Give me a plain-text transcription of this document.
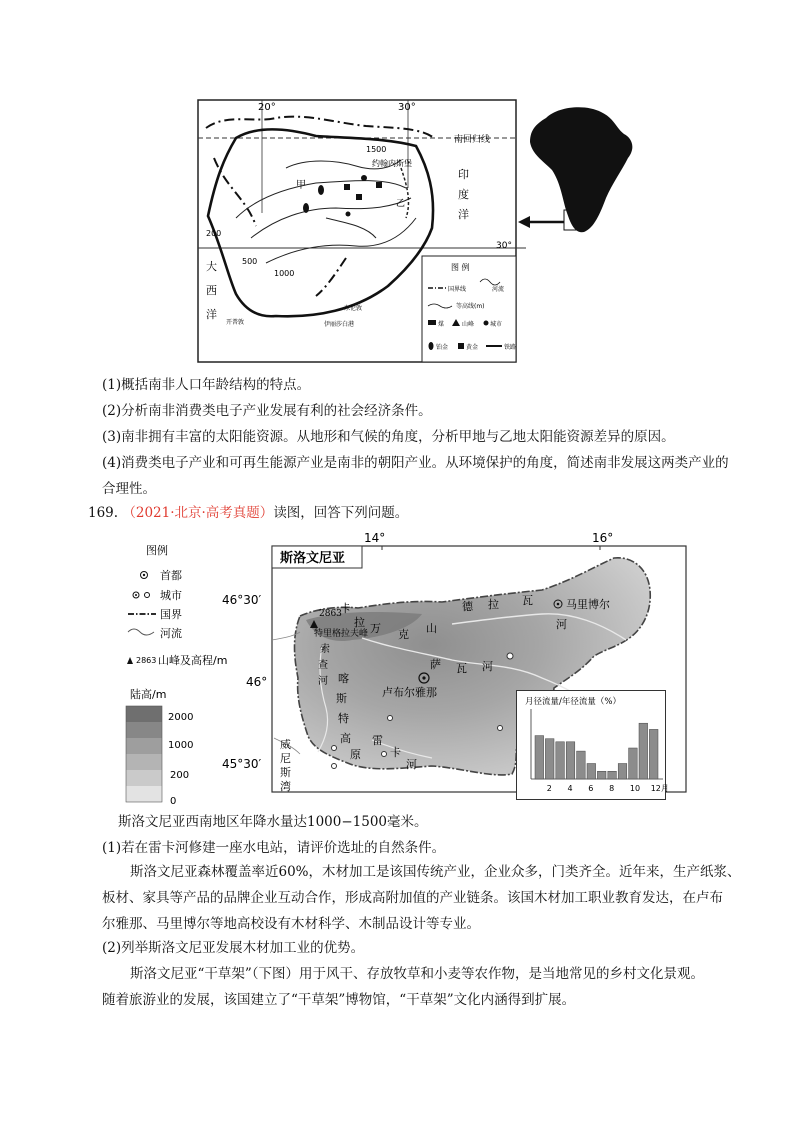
20°	30°
南回归线
30°
1500
1000
500
200
甲
约翰内斯堡
乙
开普敦	伊丽莎白港
东伦敦
印
度
洋
大
西
洋
图 例
国界线	河流
等高线(m)
煤	山峰	城市
铂金	黄金	铁路
(1)概括南非人口年龄结构的特点。
(2)分析南非消费类电子产业发展有利的社会经济条件。
(3)南非拥有丰富的太阳能资源。从地形和气候的角度，分析甲地与乙地太阳能资源差异的原因。
(4)消费类电子产业和可再生能源产业是南非的朝阳产业。从环境保护的角度，简述南非发展这两类产业的
合理性。
169. （2021·北京·高考真题）读图，回答下列问题。
图例
首都
城市
国界
河流
2863 山峰及高程/m
陆高/m
2000
1000
200
0
14°	16°
46°30′
46°
45°30′
斯洛文尼亚
卢布尔雅那
马里博尔
2863
特里格拉夫峰
卡
拉 万 克 山
萨 瓦 河
德 拉 瓦
河
索
查
河 喀
斯
特
高
原
雷
卡
河
威
尼
斯
湾
月径流量/年径流量（%）
2 4 6 8 10 12月
斯洛文尼亚西南地区年降水量达1000−1500毫米。
(1)若在雷卡河修建一座水电站，请评价选址的自然条件。
斯洛文尼亚森林覆盖率近60%，木材加工是该国传统产业，企业众多，门类齐全。近年来，生产纸浆、
板材、家具等产品的品牌企业互动合作，形成高附加值的产业链条。该国木材加工职业教育发达，在卢布
尔雅那、马里博尔等地高校设有木材科学、木制品设计等专业。
(2)列举斯洛文尼亚发展木材加工业的优势。
斯洛文尼亚“干草架”（下图）用于风干、存放牧草和小麦等农作物，是当地常见的乡村文化景观。
随着旅游业的发展，该国建立了“干草架”博物馆，“干草架”文化内涵得到扩展。
